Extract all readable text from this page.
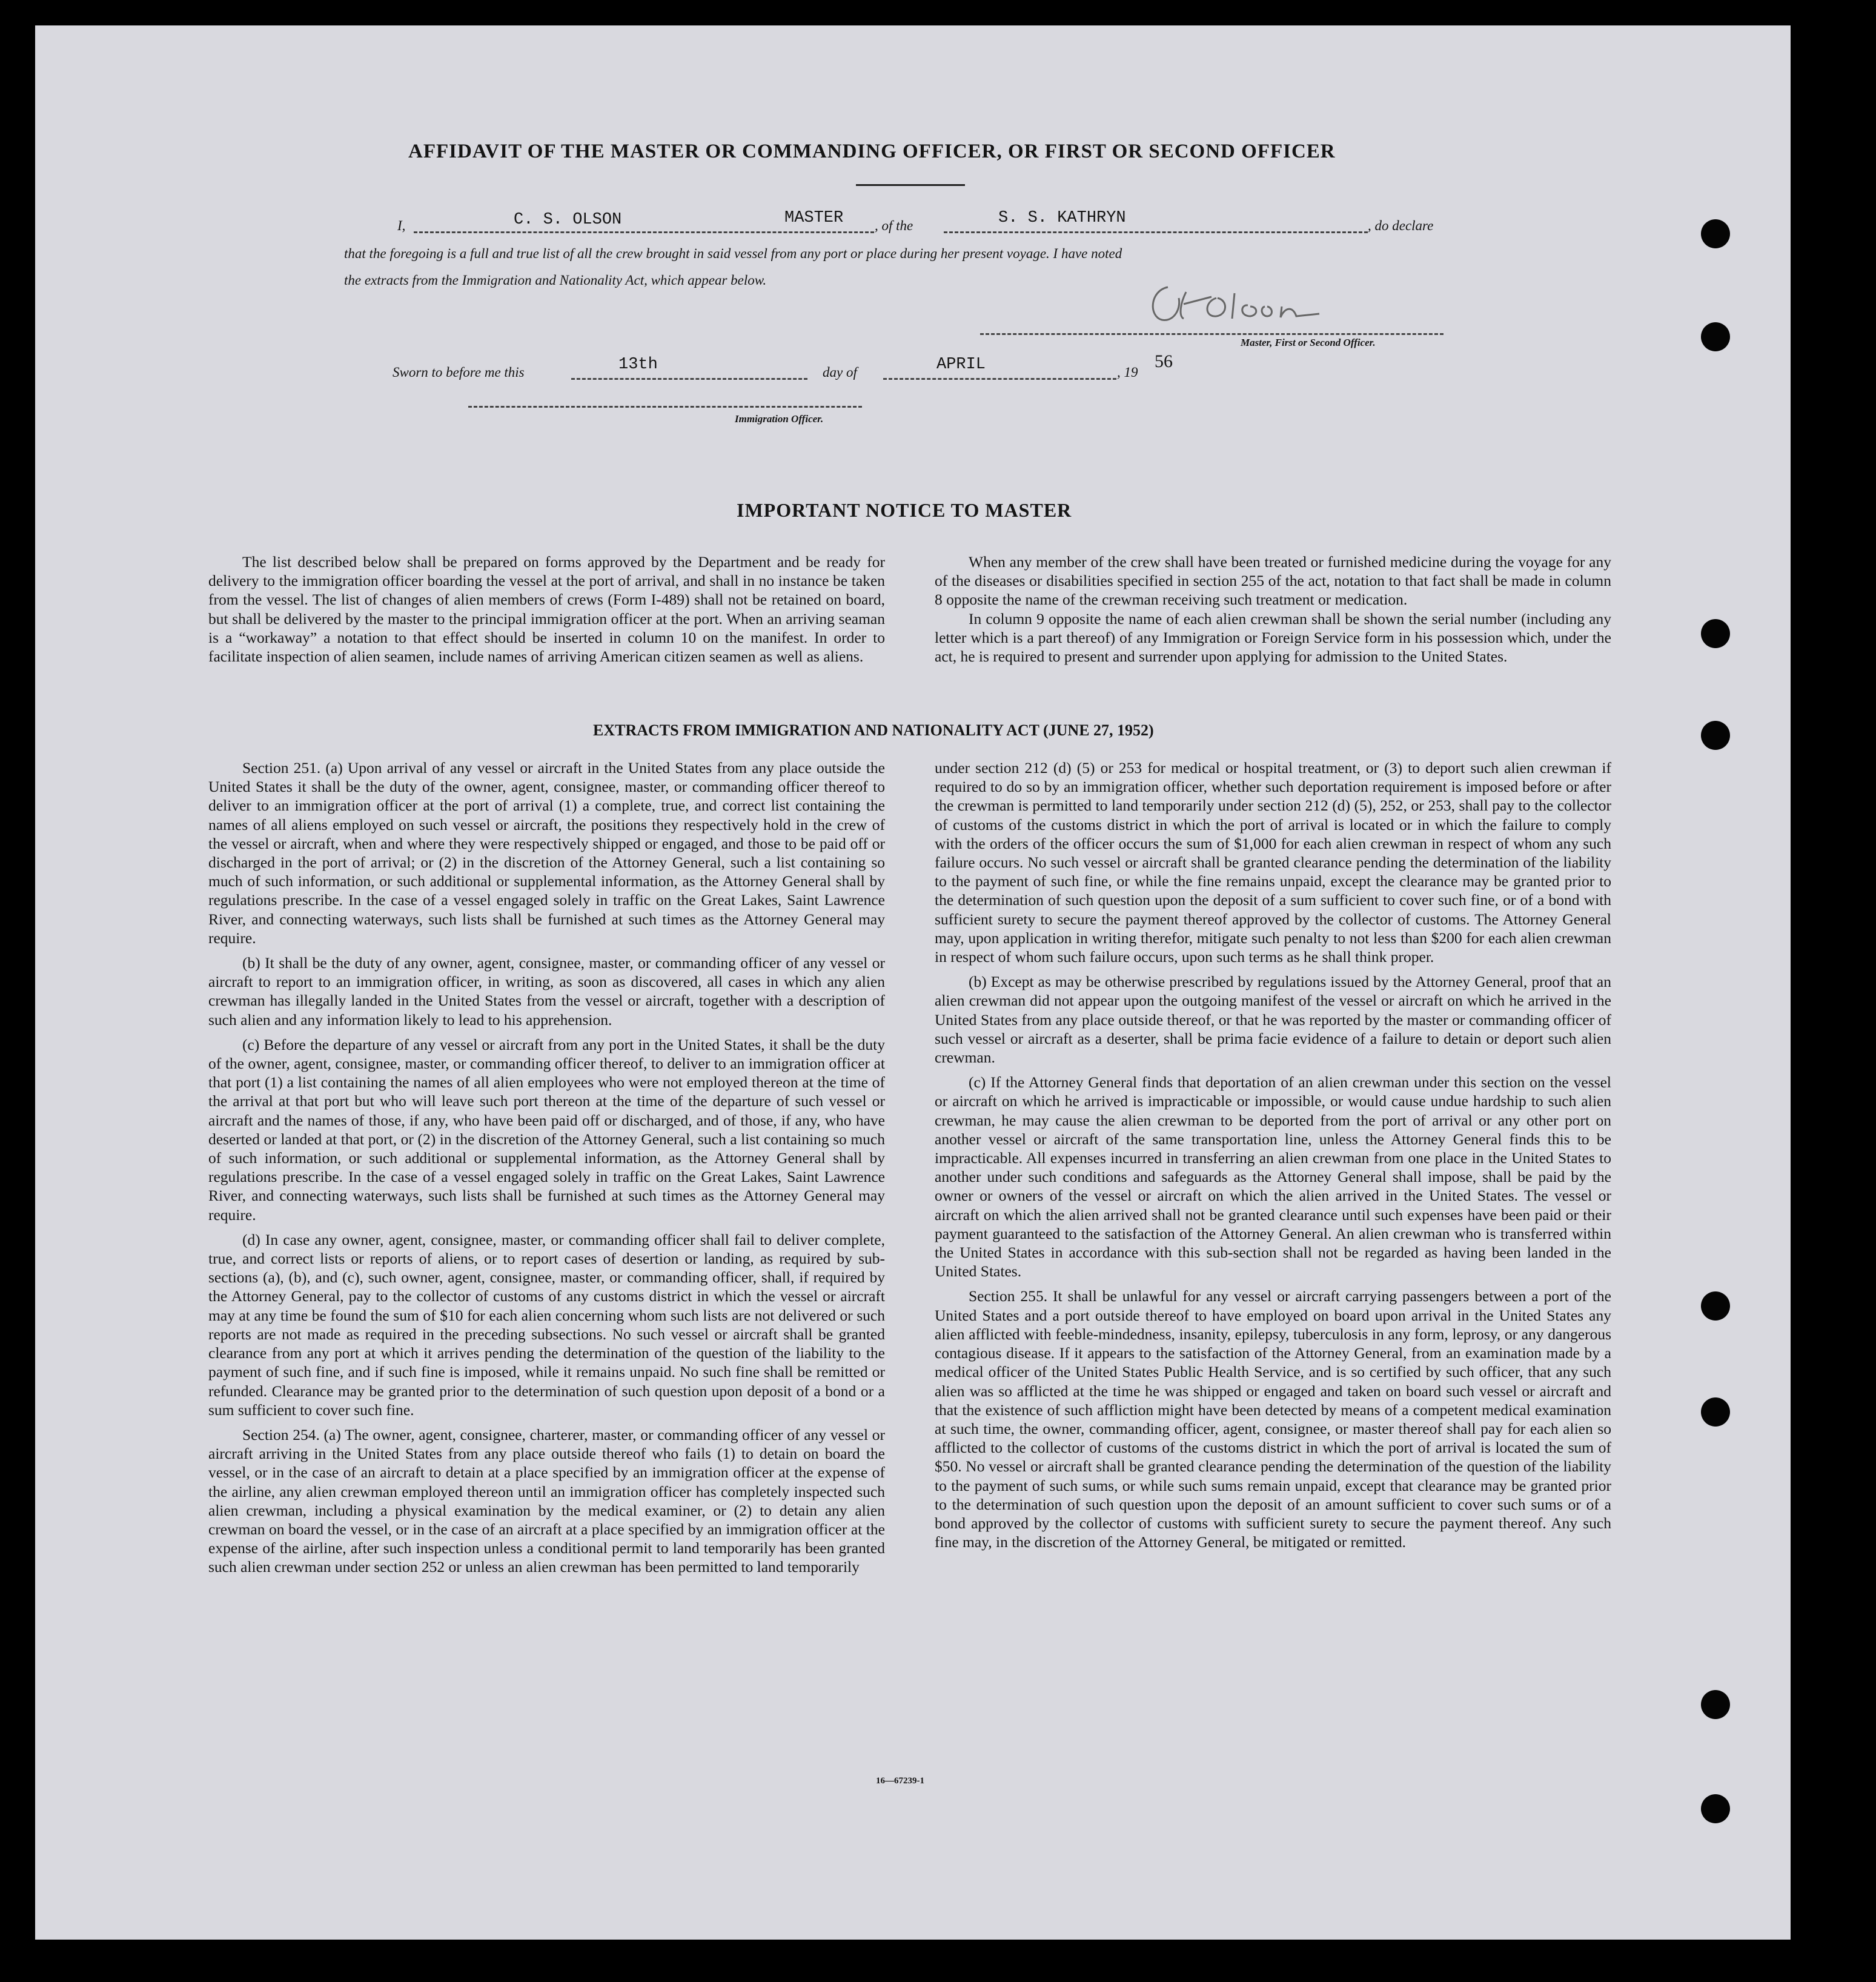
AFFIDAVIT OF THE MASTER OR COMMANDING OFFICER, OR FIRST OR SECOND OFFICER
I,	C. S. OLSON	MASTER , of the	S. S. KATHRYN	, do declare
that the foregoing is a full and true list of all the crew brought in said vessel from any port or place during her present voyage. I have noted
the extracts from the Immigration and Nationality Act, which appear below.
Master, First or Second Officer.
Sworn to before me this	13th	day of	APRIL	, 19
56
Immigration Officer.
IMPORTANT NOTICE TO MASTER

The list described below shall be prepared on forms approved by the Department and be ready for delivery to the immigration officer boarding the vessel at the port of arrival, and shall in no instance be taken from the vessel. The list of changes of alien members of crews (Form I-489) shall not be retained on board, but shall be delivered by the master to the principal immigration officer at the port. When an arriving seaman is a “workaway” a notation to that effect should be inserted in column 10 on the manifest. In order to facilitate inspection of alien seamen, include names of arriving American citizen seamen as well as aliens.

When any member of the crew shall have been treated or furnished medicine during the voyage for any of the diseases or disabilities specified in section 255 of the act, notation to that fact shall be made in column 8 opposite the name of the crewman receiving such treatment or medication.

In column 9 opposite the name of each alien crewman shall be shown the serial number (including any letter which is a part thereof) of any Immigration or Foreign Service form in his possession which, under the act, he is required to present and surrender upon applying for admission to the United States.

EXTRACTS FROM IMMIGRATION AND NATIONALITY ACT (JUNE 27, 1952)

Section 251. (a) Upon arrival of any vessel or aircraft in the United States from any place outside the United States it shall be the duty of the owner, agent, consignee, master, or commanding officer thereof to deliver to an immigration officer at the port of arrival (1) a complete, true, and correct list containing the names of all aliens employed on such vessel or aircraft, the positions they respectively hold in the crew of the vessel or aircraft, when and where they were respectively shipped or engaged, and those to be paid off or discharged in the port of arrival; or (2) in the discretion of the Attorney General, such a list containing so much of such information, or such additional or supplemental information, as the Attorney General shall by regulations prescribe. In the case of a vessel engaged solely in traffic on the Great Lakes, Saint Lawrence River, and connecting waterways, such lists shall be furnished at such times as the Attorney General may require.

(b) It shall be the duty of any owner, agent, consignee, master, or commanding officer of any vessel or aircraft to report to an immigration officer, in writing, as soon as discovered, all cases in which any alien crewman has illegally landed in the United States from the vessel or aircraft, together with a description of such alien and any information likely to lead to his apprehension.

(c) Before the departure of any vessel or aircraft from any port in the United States, it shall be the duty of the owner, agent, consignee, master, or commanding officer thereof, to deliver to an immigration officer at that port (1) a list containing the names of all alien employees who were not employed thereon at the time of the arrival at that port but who will leave such port thereon at the time of the departure of such vessel or aircraft and the names of those, if any, who have been paid off or discharged, and of those, if any, who have deserted or landed at that port, or (2) in the discretion of the Attorney General, such a list containing so much of such information, or such additional or supplemental information, as the Attorney General shall by regulations prescribe. In the case of a vessel engaged solely in traffic on the Great Lakes, Saint Lawrence River, and connecting waterways, such lists shall be furnished at such times as the Attorney General may require.

(d) In case any owner, agent, consignee, master, or commanding officer shall fail to deliver complete, true, and correct lists or reports of aliens, or to report cases of desertion or landing, as required by sub-sections (a), (b), and (c), such owner, agent, consignee, master, or commanding officer, shall, if required by the Attorney General, pay to the collector of customs of any customs district in which the vessel or aircraft may at any time be found the sum of $10 for each alien concerning whom such lists are not delivered or such reports are not made as required in the preceding subsections. No such vessel or aircraft shall be granted clearance from any port at which it arrives pending the determination of the question of the liability to the payment of such fine, and if such fine is imposed, while it remains unpaid. No such fine shall be remitted or refunded. Clearance may be granted prior to the determination of such question upon deposit of a bond or a sum sufficient to cover such fine.

Section 254. (a) The owner, agent, consignee, charterer, master, or commanding officer of any vessel or aircraft arriving in the United States from any place outside thereof who fails (1) to detain on board the vessel, or in the case of an aircraft to detain at a place specified by an immigration officer at the expense of the airline, any alien crewman employed thereon until an immigration officer has completely inspected such alien crewman, including a physical examination by the medical examiner, or (2) to detain any alien crewman on board the vessel, or in the case of an aircraft at a place specified by an immigration officer at the expense of the airline, after such inspection unless a conditional permit to land temporarily has been granted such alien crewman under section 252 or unless an alien crewman has been permitted to land temporarily

under section 212 (d) (5) or 253 for medical or hospital treatment, or (3) to deport such alien crewman if required to do so by an immigration officer, whether such deportation requirement is imposed before or after the crewman is permitted to land temporarily under section 212 (d) (5), 252, or 253, shall pay to the collector of customs of the customs district in which the port of arrival is located or in which the failure to comply with the orders of the officer occurs the sum of $1,000 for each alien crewman in respect of whom any such failure occurs. No such vessel or aircraft shall be granted clearance pending the determination of the liability to the payment of such fine, or while the fine remains unpaid, except the clearance may be granted prior to the determination of such question upon the deposit of a sum sufficient to cover such fine, or of a bond with sufficient surety to secure the payment thereof approved by the collector of customs. The Attorney General may, upon application in writing therefor, mitigate such penalty to not less than $200 for each alien crewman in respect of whom such failure occurs, upon such terms as he shall think proper.

(b) Except as may be otherwise prescribed by regulations issued by the Attorney General, proof that an alien crewman did not appear upon the outgoing manifest of the vessel or aircraft on which he arrived in the United States from any place outside thereof, or that he was reported by the master or commanding officer of such vessel or aircraft as a deserter, shall be prima facie evidence of a failure to detain or deport such alien crewman.

(c) If the Attorney General finds that deportation of an alien crewman under this section on the vessel or aircraft on which he arrived is impracticable or impossible, or would cause undue hardship to such alien crewman, he may cause the alien crewman to be deported from the port of arrival or any other port on another vessel or aircraft of the same transportation line, unless the Attorney General finds this to be impracticable. All expenses incurred in transferring an alien crewman from one place in the United States to another under such conditions and safeguards as the Attorney General shall impose, shall be paid by the owner or owners of the vessel or aircraft on which the alien arrived in the United States. The vessel or aircraft on which the alien arrived shall not be granted clearance until such expenses have been paid or their payment guaranteed to the satisfaction of the Attorney General. An alien crewman who is transferred within the United States in accordance with this sub-section shall not be regarded as having been landed in the United States.

Section 255. It shall be unlawful for any vessel or aircraft carrying passengers between a port of the United States and a port outside thereof to have employed on board upon arrival in the United States any alien afflicted with feeble-mindedness, insanity, epilepsy, tuberculosis in any form, leprosy, or any dangerous contagious disease. If it appears to the satisfaction of the Attorney General, from an examination made by a medical officer of the United States Public Health Service, and is so certified by such officer, that any such alien was so afflicted at the time he was shipped or engaged and taken on board such vessel or aircraft and that the existence of such affliction might have been detected by means of a competent medical examination at such time, the owner, commanding officer, agent, consignee, or master thereof shall pay for each alien so afflicted to the collector of customs of the customs district in which the port of arrival is located the sum of $50. No vessel or aircraft shall be granted clearance pending the determination of the question of the liability to the payment of such sums, or while such sums remain unpaid, except that clearance may be granted prior to the determination of such question upon the deposit of an amount sufficient to cover such sums or of a bond approved by the collector of customs with sufficient surety to secure the payment thereof. Any such fine may, in the discretion of the Attorney General, be mitigated or remitted.

16—67239-1
